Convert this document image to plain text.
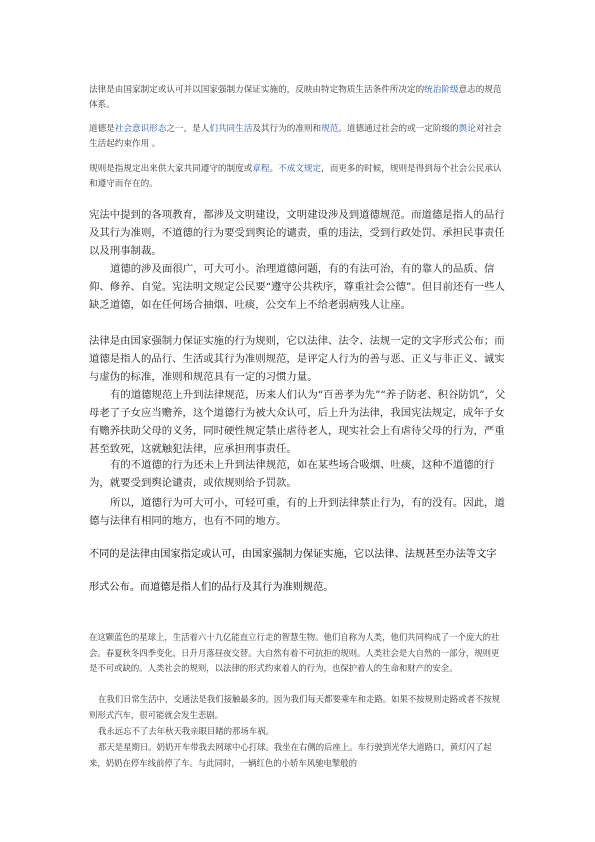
法律是由国家制定或认可并以国家强制力保证实施的，反映由特定物质生活条件所决定的统治阶级意志的规范体系。

道德是社会意识形态之一，是人们共同生活及其行为的准则和规范。道德通过社会的或一定阶级的舆论对社会生活起约束作用 。

规则是指规定出来供大家共同遵守的制度或章程。不成文规定，而更多的时候，规则是得到每个社会公民承认和遵守而存在的。

宪法中提到的各项教育，都涉及文明建设，文明建设涉及到道德规范。而道德是指人的品行及其行为准则，不道德的行为要受到舆论的谴责，重的违法，受到行政处罚、承担民事责任以及刑事制裁。

道德的涉及面很广，可大可小。治理道德问题，有的有法可治，有的靠人的品质、信仰、修养、自觉。宪法明文规定公民要“遵守公共秩序，尊重社会公德”。但目前还有一些人缺乏道德，如在任何场合抽烟、吐痰，公交车上不给老弱病残人让座。

法律是由国家强制力保证实施的行为规则，它以法律、法令、法规一定的文字形式公布；而道德是指人的品行、生活或其行为准则规范，是评定人行为的善与恶、正义与非正义、诚实与虚伪的标准，准则和规范具有一定的习惯力量。

有的道德规范上升到法律规范，历来人们认为“百善孝为先”“养子防老、积谷防饥”，父母老了子女应当赡养，这个道德行为被大众认可，后上升为法律，我国宪法规定，成年子女有赡养扶助父母的义务，同时硬性规定禁止虐待老人，现实社会上有虐待父母的行为，严重甚至致死，这就触犯法律，应承担刑事责任。

有的不道德的行为还未上升到法律规范，如在某些场合吸烟、吐痰，这种不道德的行为，就要受到舆论谴责，或依规则给予罚款。

所以，道德行为可大可小，可轻可重，有的上升到法律禁止行为，有的没有。因此，道德与法律有相同的地方，也有不同的地方。

不同的是法律由国家指定或认可，由国家强制力保证实施，它以法律、法规甚至办法等文字

形式公布。而道德是指人们的品行及其行为准则规范。

在这颗蓝色的星球上，生活着六十九亿能直立行走的智慧生物。他们自称为人类，他们共同构成了一个庞大的社会。春夏秋冬四季变化，日升月落昼夜交替。大自然有着不可抗拒的规则。人类社会是大自然的一部分，规则更是不可或缺的。人类社会的规则，以法律的形式约束着人的行为，也保护着人的生命和财产的安全。

在我们日常生活中，交通法是我们接触最多的。因为我们每天都要乘车和走路。如果不按规则走路或者不按规则形式汽车，很可能就会发生悲剧。

我永远忘不了去年秋天我亲眼目睹的那场车祸。

那天是星期日。奶奶开车带我去网球中心打球。我坐在右侧的后座上。车行驶到光华大道路口，黄灯闪了起来，奶奶在停车线前停了车。与此同时，一辆红色的小轿车风驰电掣般的
